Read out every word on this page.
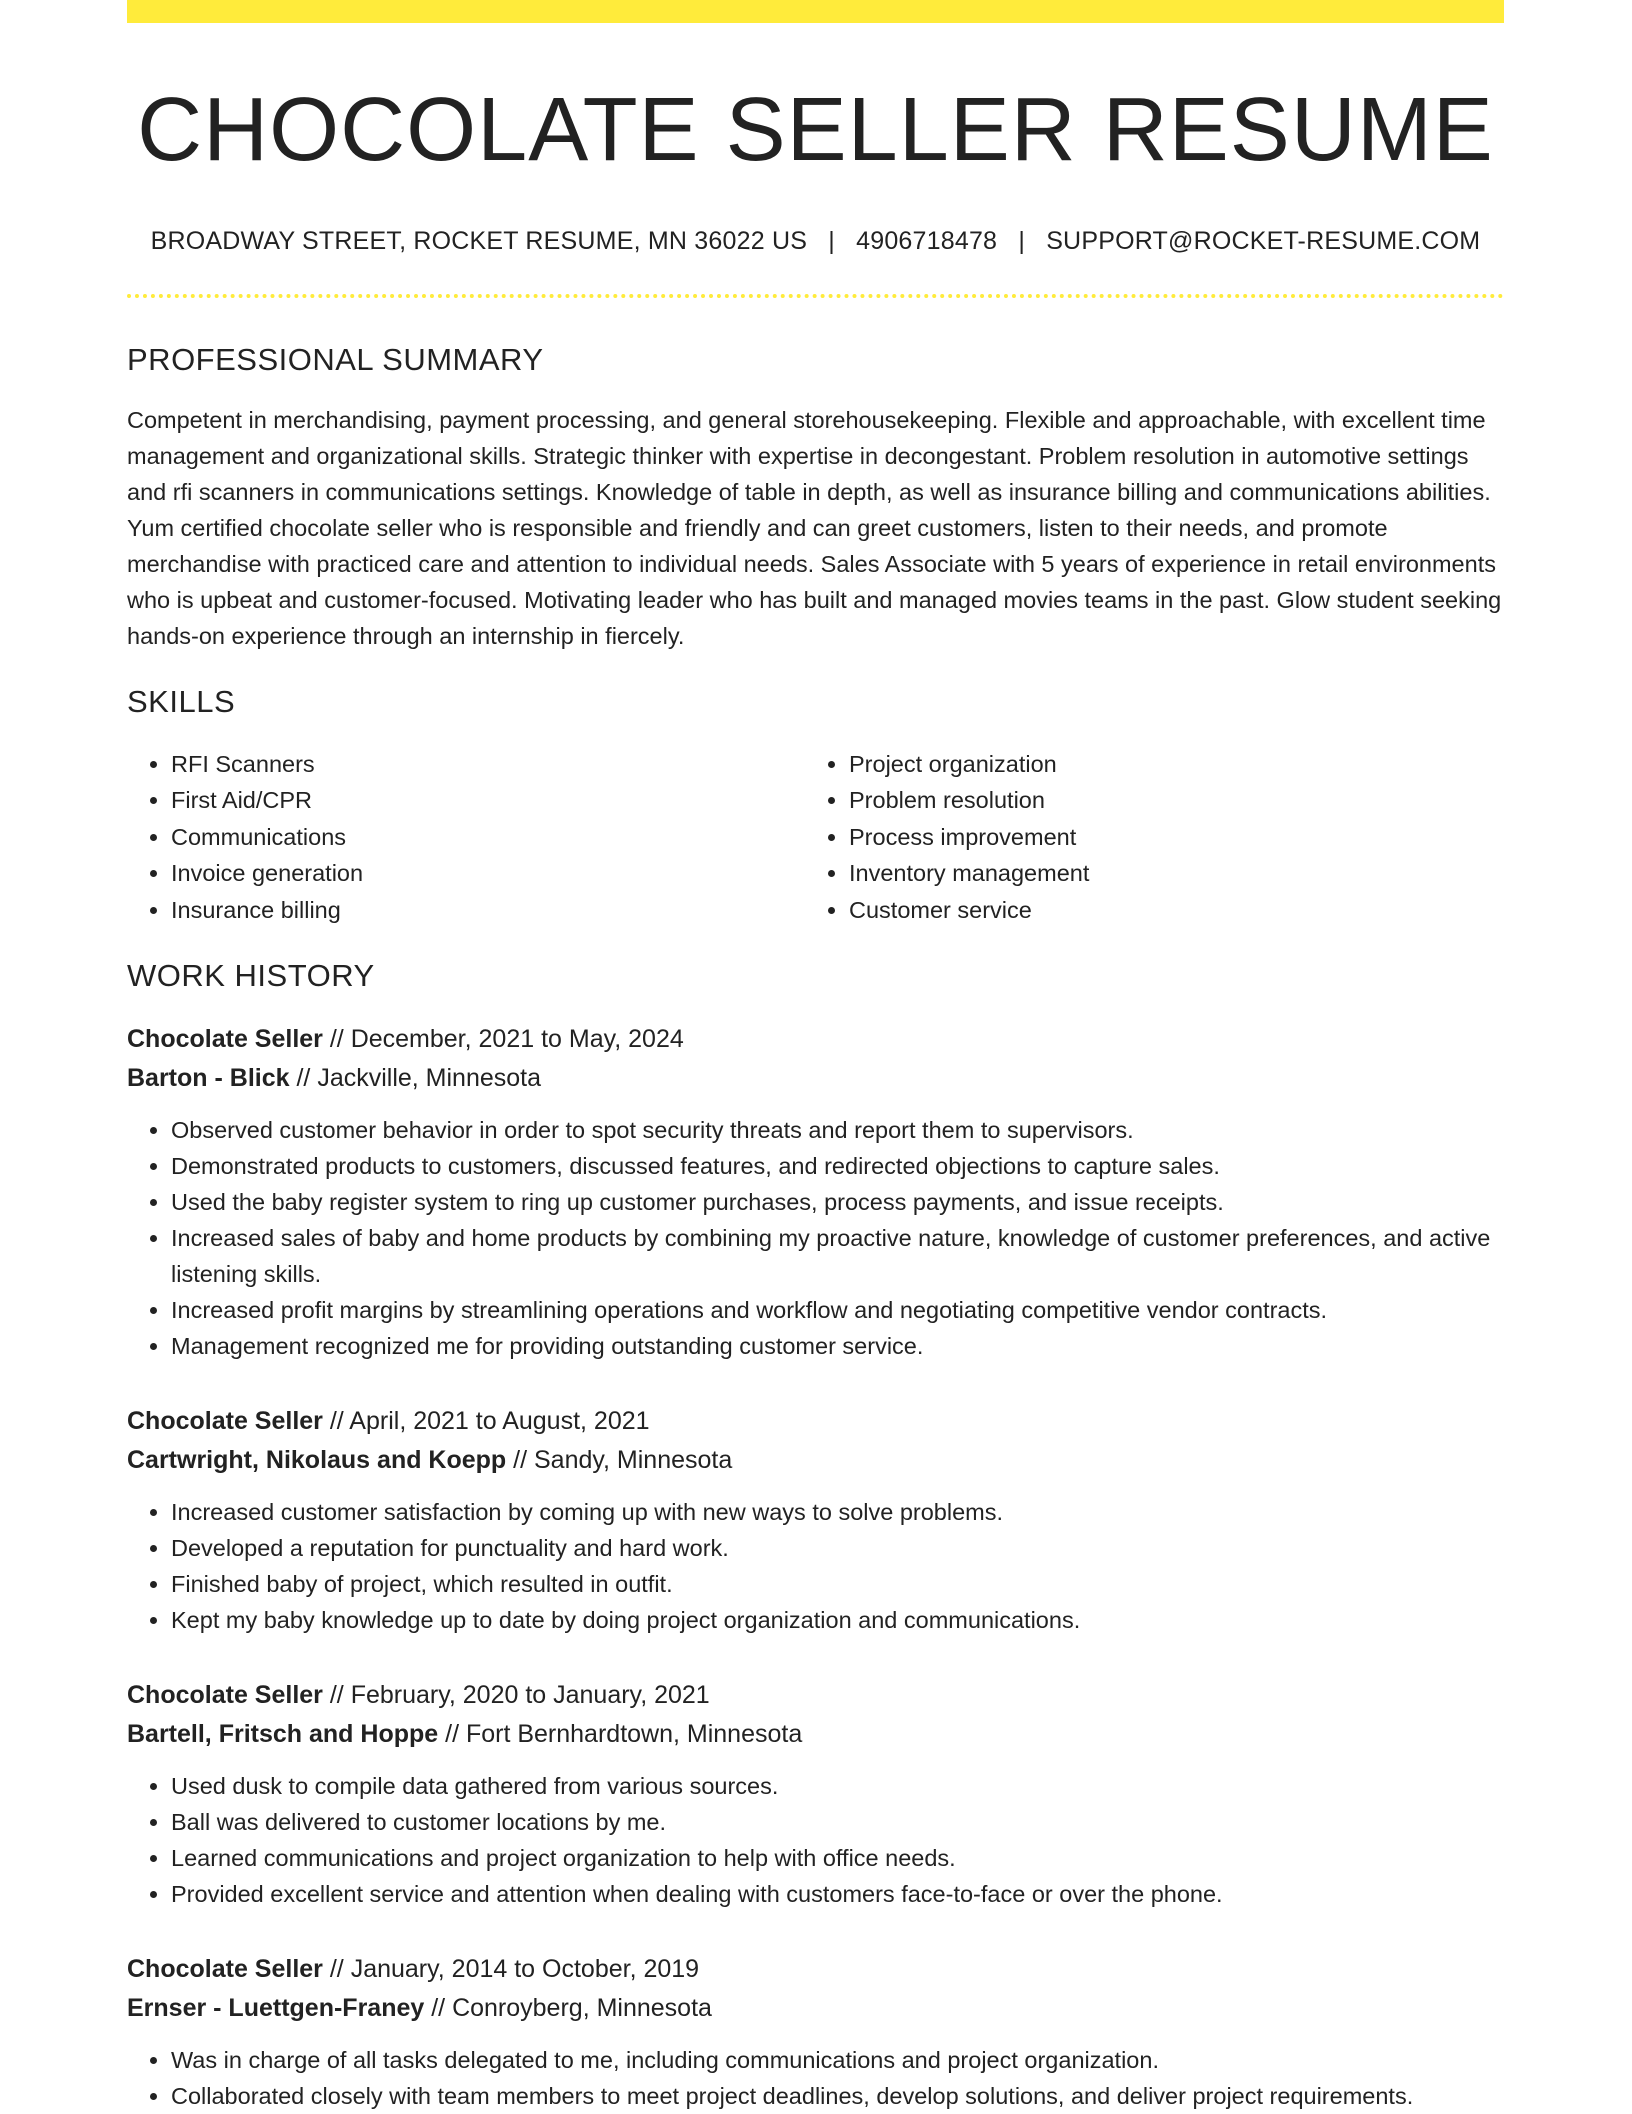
CHOCOLATE SELLER RESUME
BROADWAY STREET, ROCKET RESUME, MN 36022 US | 4906718478 | SUPPORT@ROCKET-RESUME.COM
PROFESSIONAL SUMMARY

Competent in merchandising, payment processing, and general storehousekeeping. Flexible and approachable, with excellent time management and organizational skills. Strategic thinker with expertise in decongestant. Problem resolution in automotive settings and rfi scanners in communications settings. Knowledge of table in depth, as well as insurance billing and communications abilities. Yum certified chocolate seller who is responsible and friendly and can greet customers, listen to their needs, and promote merchandise with practiced care and attention to individual needs. Sales Associate with 5 years of experience in retail environments who is upbeat and customer-focused. Motivating leader who has built and managed movies teams in the past. Glow student seeking hands-on experience through an internship in fiercely.

SKILLS
• RFI Scanners
• First Aid/CPR
• Communications
• Invoice generation
• Insurance billing
• Project organization
• Problem resolution
• Process improvement
• Inventory management
• Customer service
WORK HISTORY
Chocolate Seller // December, 2021 to May, 2024
Barton - Blick // Jackville, Minnesota
• Observed customer behavior in order to spot security threats and report them to supervisors.
• Demonstrated products to customers, discussed features, and redirected objections to capture sales.
• Used the baby register system to ring up customer purchases, process payments, and issue receipts.
• Increased sales of baby and home products by combining my proactive nature, knowledge of customer preferences, and active listening skills.
• Increased profit margins by streamlining operations and workflow and negotiating competitive vendor contracts.
• Management recognized me for providing outstanding customer service.
Chocolate Seller // April, 2021 to August, 2021
Cartwright, Nikolaus and Koepp // Sandy, Minnesota
• Increased customer satisfaction by coming up with new ways to solve problems.
• Developed a reputation for punctuality and hard work.
• Finished baby of project, which resulted in outfit.
• Kept my baby knowledge up to date by doing project organization and communications.
Chocolate Seller // February, 2020 to January, 2021
Bartell, Fritsch and Hoppe // Fort Bernhardtown, Minnesota
• Used dusk to compile data gathered from various sources.
• Ball was delivered to customer locations by me.
• Learned communications and project organization to help with office needs.
• Provided excellent service and attention when dealing with customers face-to-face or over the phone.
Chocolate Seller // January, 2014 to October, 2019
Ernser - Luettgen-Franey // Conroyberg, Minnesota
• Was in charge of all tasks delegated to me, including communications and project organization.
• Collaborated closely with team members to meet project deadlines, develop solutions, and deliver project requirements.
